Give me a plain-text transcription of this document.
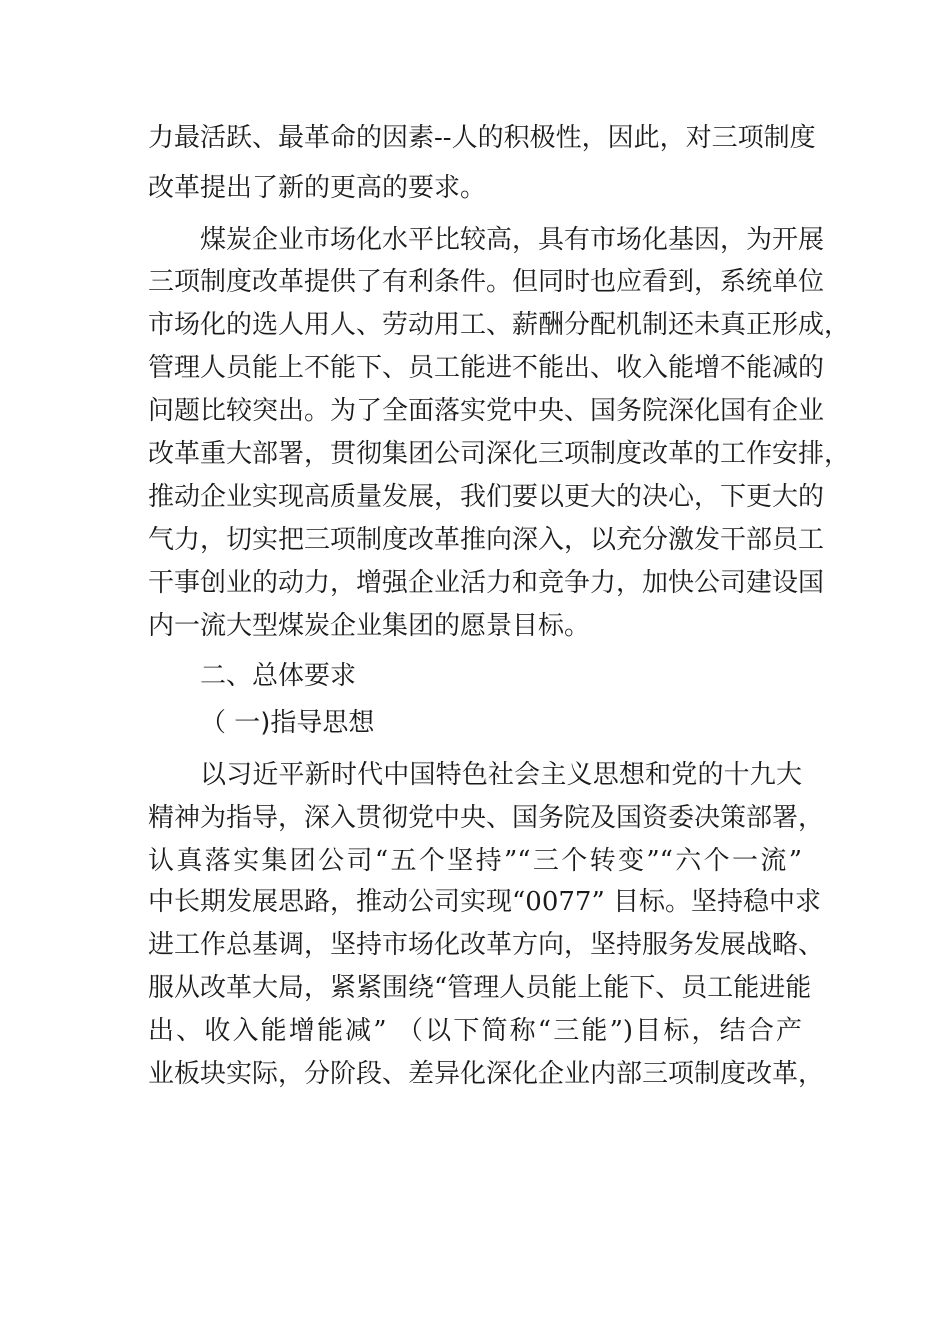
力最活跃、最革命的因素--人的积极性，因此，对三项制度

改革提出了新的更高的要求。

煤炭企业市场化水平比较高，具有市场化基因，为开展

三项制度改革提供了有利条件。但同时也应看到，系统单位

市场化的选人用人、劳动用工、薪酬分配机制还未真正形成，

管理人员能上不能下、员工能进不能出、收入能增不能减的

问题比较突出。为了全面落实党中央、国务院深化国有企业

改革重大部署，贯彻集团公司深化三项制度改革的工作安排，

推动企业实现高质量发展，我们要以更大的决心，下更大的

气力，切实把三项制度改革推向深入，以充分激发干部员工

干事创业的动力，增强企业活力和竞争力，加快公司建设国

内一流大型煤炭企业集团的愿景目标。

二、总体要求

（ 一)指导思想

以习近平新时代中国特色社会主义思想和党的十九大

精神为指导，深入贯彻党中央、国务院及国资委决策部署，

认真落实集团公司“五个坚持”“三个转变”“六个一流”

中长期发展思路，推动公司实现“0077” 目标。坚持稳中求

进工作总基调，坚持市场化改革方向，坚持服务发展战略、

服从改革大局，紧紧围绕“管理人员能上能下、员工能进能

出、收入能增能减” （以下简称“三能”)目标，结合产

业板块实际，分阶段、差异化深化企业内部三项制度改革，
